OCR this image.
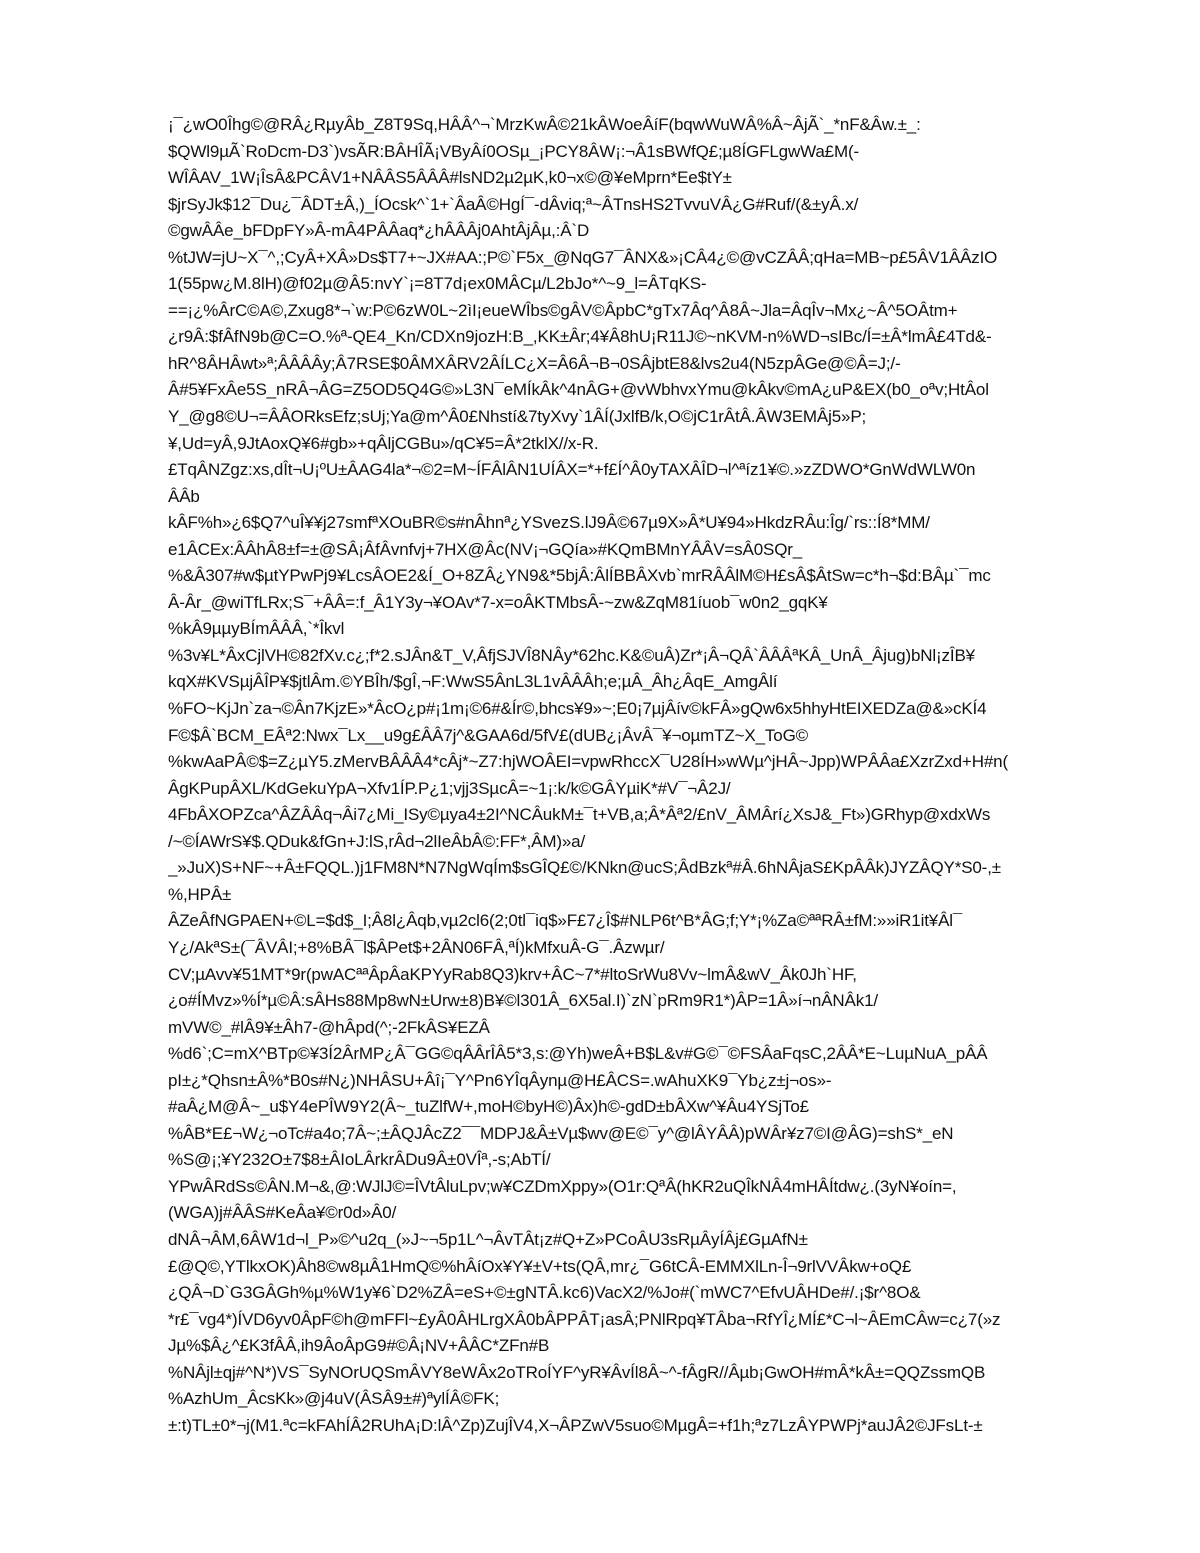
¡¯¿wO0Îhg©@RÂ¿RµyÂb_Z8T9Sq,HÂÂ^¬`MrzKwÂ©21kÂWoeÂíF(bqwWuWÂ%Â~ÂjÃ`_*nF&Âw.±_:
$QWl9µÃ`RoDcm-D3`)vsÃR:BÂHÎÃ¡VByÂí0OSµ_¡PCY8ÂW¡:¬Â1sBWfQ£;µ8ÍGFLgwWa£M(-
WÎÂAV_1W¡ÎsÂ&PCÂV1+NÂÂS5ÂÂÂ#lsND2µ2µK,k0¬x©@¥eMprn*Ee$tY±
$jrSyJk$12¯Du¿¯ÂDT±Â,)_ÍOcsk^`1+`ÂaÂ©HgÍ¯-dÂviq;ª~ÂTnsHS2TvvuVÂ¿G#Ruf/(&±yÂ.x/
©gwÂÂe_bFDpFY»Â-mÂ4PÂÂaq*¿hÂÂÂj0AhtÂjÂµ,:Â`D
%tJW=jU~X¯^,;CyÂ+XÂ»Ds$T7+~JX#AA:;P©`F5x_@NqG7¯ÂNX&»¡CÂ4¿©@vCZÂÂ;qHa=MB~p£5ÂV1ÂÂzIO
1(55pw¿M.8lH)@f02µ@Â5:nvY`¡=8T7d¡ex0MÂCµ/L2bJo*^~9_l=ÂTqKS-
==¡¿%ÂrC©A©,Zxug8*¬`w:P©6zW0L~2ìI¡eueWÎbs©gÂV©ÂpbC*gTx7Âq^Â8Â~Jla=ÂqÎv¬Mx¿~Â^5OÂtm+
¿r9Â:$fÂfN9b@C=O.%ª-QE4_Kn/CDXn9jozH:B_,KK±Âr;4¥Â8hU¡R11J©~nKVM-n%WD¬sIBc/Í=±Â*lmÂ£4Td&-
hR^8ÂHÂwt»ª;ÂÂÂÂy;Â7RSE$0ÂMXÂRV2ÂÍLC¿X=Â6Â¬B¬0SÂjbtE8&lvs2u4(N5zpÂGe@©Â=J;/-
Â#5¥FxÂe5S_nRÂ¬ÂG=Z5OD5Q4G©»L3N¯eMÍkÂk^4nÂG+@vWbhvxYmu@kÂkv©mA¿uP&EX(b0_oªv;HtÂol
Y_@g8©U¬=ÂÂORksEfz;sUj;Ya@m^Â0£Nhstí&7tyXvy`1ÂÍ(JxlfB/k,O©jC1rÂtÂ.ÂW3EMÂj5»P;
¥,Ud=yÂ,9JtAoxQ¥6#gb»+qÂljCGBu»/qC¥5=Â*2tklX//x-R.
£TqÂNZgz:xs,dÎt¬U¡ºU±ÂAG4la*¬©2=M~ÍFÂlÂN1UÍÂX=*+f£Í^Â0yTAXÂÎD¬l^ªíz1¥©.»zZDWO*GnWdWLW0n
ÂÂb
kÂF%h»¿6$Q7^uÎ¥¥j27smfªXOuBR©s#nÂhnª¿YSvezS.lJ9Â©67µ9X»Â*U¥94»HkdzRÂu:Îg/`rs::Í8*MM/
e1ÂCEx:ÂÂhÂ8±f=±@SÂ¡ÂfÂvnfvj+7HX@Âc(NV¡¬GQía»#KQmBMnYÂÂV=sÂ0SQr_
%&Â307#w$µtYPwPj9¥LcsÂOE2&Í_O+8ZÂ¿YN9&*5bjÂ:ÂlÍBBÂXvb`mrRÂÂlM©H£sÂ$ÂtSw=c*h¬$d:BÂµ`¯mc
Â-Âr_@wiTfLRx;S¯+ÂÂ=:f_Â1Y3y¬¥OAv*7-x=oÂKTMbsÂ-~zw&ZqM81íuob¯w0n2_gqK¥
%kÂ9µµyBÍmÂÂÂ,`*Îkvl
%3v¥L*ÂxCjlVH©82fXv.c¿;f*2.sJÂn&T_V,ÂfjSJVÎ8NÂy*62hc.K&©uÂ)Zr*¡Â¬QÂ`ÂÂÂªKÂ_UnÂ_Âjug)bNl¡zÎB¥
kqX#KVSµjÂÎP¥$jtlÂm.©YBÎh/$gÎ,¬F:WwS5ÂnL3L1vÂÂÂh;e;µÂ_Âh¿ÂqE_AmgÂlí
%FO~KjJn`za¬©Ân7KjzE»*ÂcO¿p#¡1m¡©6#&Ír©,bhcs¥9»~;E0¡7µjÂív©kFÂ»gQw6x5hhyHtEIXEDZa@&»cKÍ4
F©$Â`BCM_EÂª2:Nwx¯Lx__u9g£ÂÂ7j^&GAA6d/5fV£(dUB¿¡ÂvÂ¯¥¬oµmTZ~X_ToG©
%kwAaPÂ©$=Z¿µY5.zMervBÂÂÂ4*cÂj*~Z7:hjWOÂEI=vpwRhccX¯U28ÍH»wWµ^jHÂ~Jpp)WPÂÂa£XzrZxd+H#n(
ÂgKPupÂXL/KdGekuYpA¬Xfv1ÍP.P¿1;vjj3SµcÂ=~1¡:k/k©GÂYµiK*#V¯¬Â2J/
4FbÂXOPZca^ÂZÂÂq¬Âi7¿Mi_ISy©µya4±2I^NCÂukM±¯t+VB,a;Â*Âª2/£nV_ÂMÂrí¿XsJ&_Ft»)GRhyp@xdxWs
/~©ÍAWrS¥$.QDuk&fGn+J:lS,rÂd¬2lIeÂbÂ©:FF*,ÂM)»a/
_»JuX)S+NF~+Â±FQQL.)j1FM8N*N7NgWqÍm$sGÎQ£©/KNkn@ucS;ÂdBzkª#Â.6hNÂjaS£KpÂÂk)JYZÂQY*S0-,±
%,HPÂ±
ÂZeÂfNGPAEN+©L=$d$_I;Â8l¿Âqb,vµ2cl6(2;0tl¯iq$»F£7¿Î$#NLP6t^B*ÂG;f;Y*¡%Za©ªªRÂ±fM:»»iR1it¥Âl¯
Y¿/AkªS±(¯ÂVÂI;+8%BÂ¯l$ÂPet$+2ÂN06FÂ,ªÍ)kMfxuÂ-G¯.Âzwµr/
CV;µAvv¥51MT*9r(pwACªªÂpÂaKPYyRab8Q3)krv+ÂC~7*#ltoSrWu8Vv~lmÂ&wV_Âk0Jh`HF,
¿o#ÍMvz»%Í*µ©Â:sÂHs88Mp8wN±Urw±8)B¥©l301Â_6X5al.I)`zN`pRm9R1*)ÂP=1Â»í¬nÂNÂk1/
mVW©_#lÂ9¥±Âh7-@hÂpd(^;-2FkÂS¥EZÂ
%d6`;C=mX^BTp©¥3Í2ÂrMP¿Â¯GG©qÂÂrÎÂ5*3,s:@Yh)weÂ+B$L&v#G©¯©FSÂaFqsC,2ÂÂ*E~LuµNuA_pÂÂ
pI±¿*Qhsn±Â%*B0s#N¿)NHÂSU+Âî¡¯Y^Pn6YÎqÂynµ@H£ÂCS=.wAhuXK9¯Yb¿z±j¬os»-
#aÂ¿M@Â~_u$Y4ePÎW9Y2(Â~_tuZlfW+,moH©byH©)Âx)h©-gdD±bÂXw^¥Âu4YSjTo£
%ÂB*E£¬W¿¬oTc#a4o;7Â~;±ÂQJÂcZ2¯¯MDPJ&Â±Vµ$wv@E©¯y^@lÂYÂÂ)pWÂr¥z7©I@ÂG)=shS*_eN
%S@¡;¥Y232O±7$8±ÂIoLÂrkrÂDu9Â±0VÎª,-s;AbTÍ/
YPwÂRdSs©ÂN.M¬&,@:WJlJ©=ÎVtÂluLpv;w¥CZDmXppy»(O1r:QªÂ(hKR2uQÎkNÂ4mHÂÍtdw¿.(3yN¥oín=,
(WGA)j#ÂÂS#KeÂa¥©r0d»Â0/
dNÂ¬ÂM,6ÂW1d¬l_P»©^u2q_(»J~¬5p1L^¬ÂvTÂt¡z#Q+Z»PCoÂU3sRµÂyÍÂj£GµAfN±
£@Q©,YTlkxOK)Âh8©w8µÂ1HmQ©%hÂíOx¥Y¥±V+ts(QÂ,mr¿¯G6tCÂ-EMMXlLn-Î¬9rlVVÂkw+oQ£
¿QÂ¬D`G3GÂGh%µ%W1y¥6`D2%ZÂ=eS+©±gNTÂ.kc6)VacX2/%Jo#(`mWC7^EfvUÂHDe#/.¡$r^8O&
*r£¯vg4*)ÍVD6yv0ÂpF©h@mFFl~£yÂ0ÂHLrgXÂ0bÂPPÂT¡asÂ;PNlRpq¥TÂba¬RfYÎ¿MÍ£*C¬l~ÂEmCÂw=c¿7(»z
Jµ%$Â¿^£K3fÂÂ,ih9ÂoÂpG9#©Â¡NV+ÂÂC*ZFn#B
%NÂjl±qj#^N*)VS¯SyNOrUQSmÂVY8eWÂx2oTRoÍYF^yR¥ÂvÍl8Â~^-fÂgR//Âµb¡GwOH#mÂ*kÂ±=QQZssmQB
%AzhUm_ÂcsKk»@j4uV(ÂSÂ9±#)ªylÍÂ©FK;
±:t)TL±0*¬j(M1.ªc=kFAhÍÂ2RUhA¡D:lÂ^Zp)ZujÎV4,X¬ÂPZwV5suo©MµgÂ=+f1h;ªz7LzÂYPWPj*auJÂ2©JFsLt-±
